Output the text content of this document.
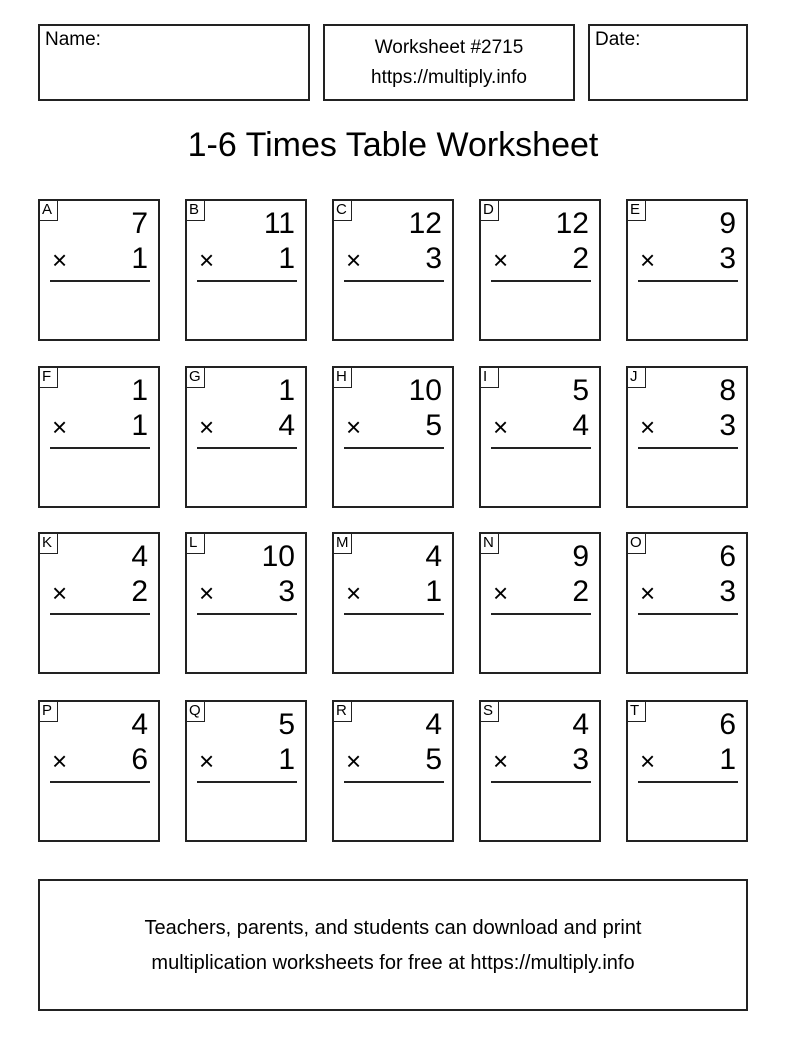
Name:	Worksheet #2715
https://multiply.info
Date:
1-6 Times Table Worksheet
A	7
× 1
B 11
× 1
C 12
× 3
D 12
× 2
E	9
× 3
F	1
× 1
G	1
× 4
H 10
× 5
I	5
× 4
J	8
× 3
K	4
× 2
L 10
× 3
M	4
× 1
N	9
× 2
O	6
× 3
P	4
× 6
Q	5
× 1
R	4
× 5
S	4
× 3
T	6
× 1
Teachers, parents, and students can download and print
multiplication worksheets for free at https://multiply.info
